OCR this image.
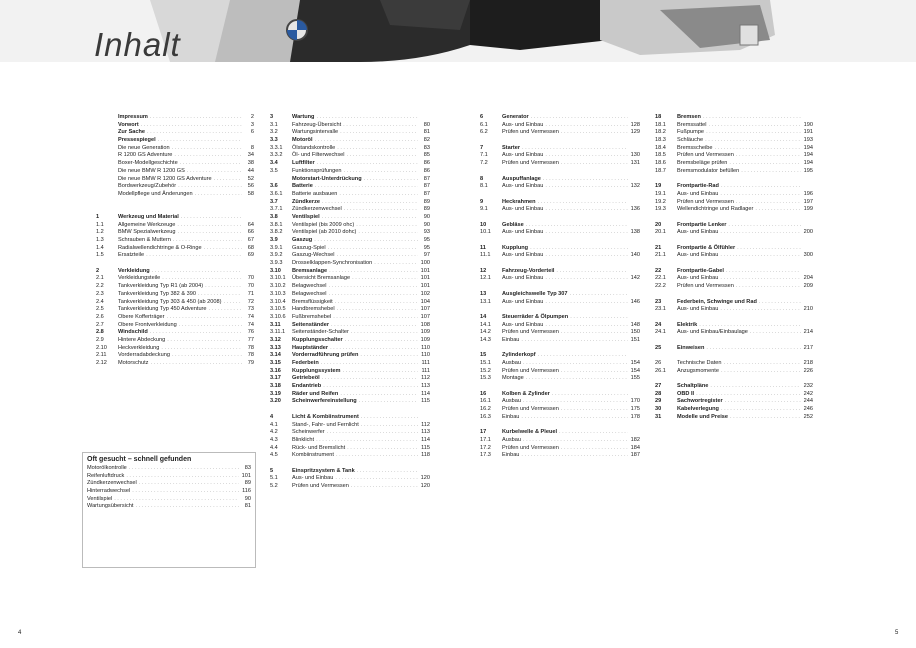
Inhalt
Impressum . . .	2
Vorwort . . .	3
Zur Sache . . .	6
Pressespiegel
. . .
Die neue Generation . . .	8
R 1200 GS Adventure . . .	34
Boxer-Modellgeschichte . . .	38
Die neue BMW R 1200 GS . . .	44
Die neue BMW R 1200 GS Adventure . . .	52
Bordwerkzeug/Zubehör . . .	56
Modellpflege und Änderungen . . .	58
1	Werkzeug und Material
. . .
1.1	Allgemeine Werkzeuge . . .	64
1.2	BMW Spezialwerkzeug . . .	66
1.3	Schrauben & Muttern . . .	67
1.4	Radialwellendichtringe & O-Ringe . . .	68
1.5	Ersatzteile . . .	69
2	Verkleidung
. . .
2.1	Verkleidungsteile . . .	70
2.2	Tankverkleidung Typ R1 (ab 2004) . . .	70
2.3	Tankverkleidung Typ 382 & 390 . . .	71
2.4	Tankverkleidung Typ 303 & 450 (ab 2008) . . .	72
2.5	Tankverkleidung Typ 450 Adventure . . .	73
2.6	Obere Kofferträger . . .	74
2.7	Obere Frontverkleidung . . .	74
2.8	Windschild . . .	76
2.9	Hintere Abdeckung . . .	77
2.10	Heckverkleidung . . .	78
2.11	Vorderradabdeckung . . .	78
2.12	Motorschutz . . .	79
3	Wartung
. . .
3.1	Fahrzeug-Übersicht . . .	80
3.2	Wartungsintervalle . . .	81
3.3	Motoröl . . .	82
3.3.1	Ölstandskontrolle . . .	83
3.3.2	Öl- und Filterwechsel . . .	85
3.4	Luftfilter . . .	86
3.5	Funktionsprüfungen . . .	86
Motorstart-Unterdrückung . . .	87
3.6	Batterie . . .	87
3.6.1	Batterie ausbauen . . .	87
3.7	Zündkerze . . .	89
3.7.1	Zündkerzenwechsel . . .	89
3.8	Ventilspiel . . .	90
3.8.1	Ventilspiel (bis 2009 ohc) . . .	90
3.8.2	Ventilspiel (ab 2010 dohc) . . .	93
3.9	Gaszug . . .	95
3.9.1	Gaszug-Spiel . . .	95
3.9.2	Gaszug-Wechsel . . .	97
3.9.3	Drosselklappen-Synchronisation . . .	100
3.10	Bremsanlage . . .	101
3.10.1	Übersicht Bremsanlage . . .	101
3.10.2	Belagwechsel . . .	101
3.10.3	Belagwechsel . . .	102
3.10.4	Bremsflüssigkeit . . .	104
3.10.5	Handbremshebel . . .	107
3.10.6	Fußbremshebel . . .	107
3.11	Seitenständer . . .	108
3.11.1	Seitenständer-Schalter . . .	109
3.12	Kupplungsschalter . . .	109
3.13	Hauptständer . . .	110
3.14	Vorderradführung prüfen . . .	110
3.15	Federbein . . .	111
3.16	Kupplungssystem . . .	111
3.17	Getriebeöl . . .	112
3.18	Endantrieb . . .	113
3.19	Räder und Reifen . . .	114
3.20	Scheinwerfereinstellung . . .	115
4	Licht & Kombiinstrument
. . .
4.1	Stand-, Fahr- und Fernlicht . . .	112
4.2	Scheinwerfer . . .	113
4.3	Blinklicht . . .	114
4.4	Rück- und Bremslicht . . .	115
4.5	Kombiinstrument . . .	118
5	Einspritzsystem & Tank
. . .
5.1	Aus- und Einbau . . .	120
5.2	Prüfen und Vermessen . . .	120
6	Generator
. . .
6.1	Aus- und Einbau . . .	128
6.2	Prüfen und Vermessen . . .	129
7	Starter
. . .
7.1	Aus- und Einbau . . .	130
7.2	Prüfen und Vermessen . . .	131
8	Auspuffanlage
. . .
8.1	Aus- und Einbau . . .	132
9	Heckrahmen
. . .
9.1	Aus- und Einbau . . .	136
10	Gebläse
. . .
10.1	Aus- und Einbau . . .	138
11	Kupplung
. . .
11.1	Aus- und Einbau . . .	140
12	Fahrzeug-Vorderteil
. . .
12.1	Aus- und Einbau . . .	142
13	Ausgleichswelle Typ 307
. . .
13.1	Aus- und Einbau . . .	146
14	Steuerräder & Ölpumpen
. . .
14.1	Aus- und Einbau . . .	148
14.2	Prüfen und Vermessen . . .	150
14.3	Einbau . . .	151
15	Zylinderkopf
. . .
15.1	Ausbau . . .	154
15.2	Prüfen und Vermessen . . .	154
15.3	Montage . . .	155
16	Kolben & Zylinder
. . .
16.1	Ausbau . . .	170
16.2	Prüfen und Vermessen . . .	175
16.3	Einbau . . .	178
17	Kurbelwelle & Pleuel
. . .
17.1	Ausbau . . .	182
17.2	Prüfen und Vermessen . . .	184
17.3	Einbau . . .	187
18	Bremsen
. . .
18.1	Bremssattel . . .	190
18.2	Fußpumpe . . .	191
18.3	Schläuche . . .	193
18.4	Bremsscheibe . . .	194
18.5	Prüfen und Vermessen . . .	194
18.6	Bremsbeläge prüfen . . .	194
18.7	Bremsmodulator befüllen . . .	195
19	Frontpartie-Rad
. . .
19.1	Aus- und Einbau . . .	196
19.2	Prüfen und Vermessen . . .	197
19.3	Wellendichtringe und Radlager . . .	199
20	Frontpartie Lenker
. . .
20.1	Aus- und Einbau . . .	200
21	Frontpartie & Ölfühler
. . .
21.1	Aus- und Einbau . . .	300
22	Frontpartie-Gabel
. . .
22.1	Aus- und Einbau . . .	204
22.2	Prüfen und Vermessen . . .	209
23	Federbein, Schwinge und Rad
. . .
23.1	Aus- und Einbau . . .	210
24	Elektrik
. . .
24.1	Aus- und Einbau/Einbaulage . . .	214
25	Einweisen . . .	217
26	Technische Daten . . .	218
26.1	Anzugsmomente . . .	226
27	Schaltpläne . . .	232
28	OBD II . . .	242
29	Sachwortregister . . .	244
30	Kabelverlegung . . .	246
31	Modelle und Preise . . .	252
Oft gesucht – schnell gefunden
Motorölkontrolle . . .	83
Reifenluftdruck . . .	101
Zündkerzenwechsel . . .	89
Hinterradwechsel . . .	116
Ventilspiel . . .	90
Wartungsübersicht . . .	81
4	5
